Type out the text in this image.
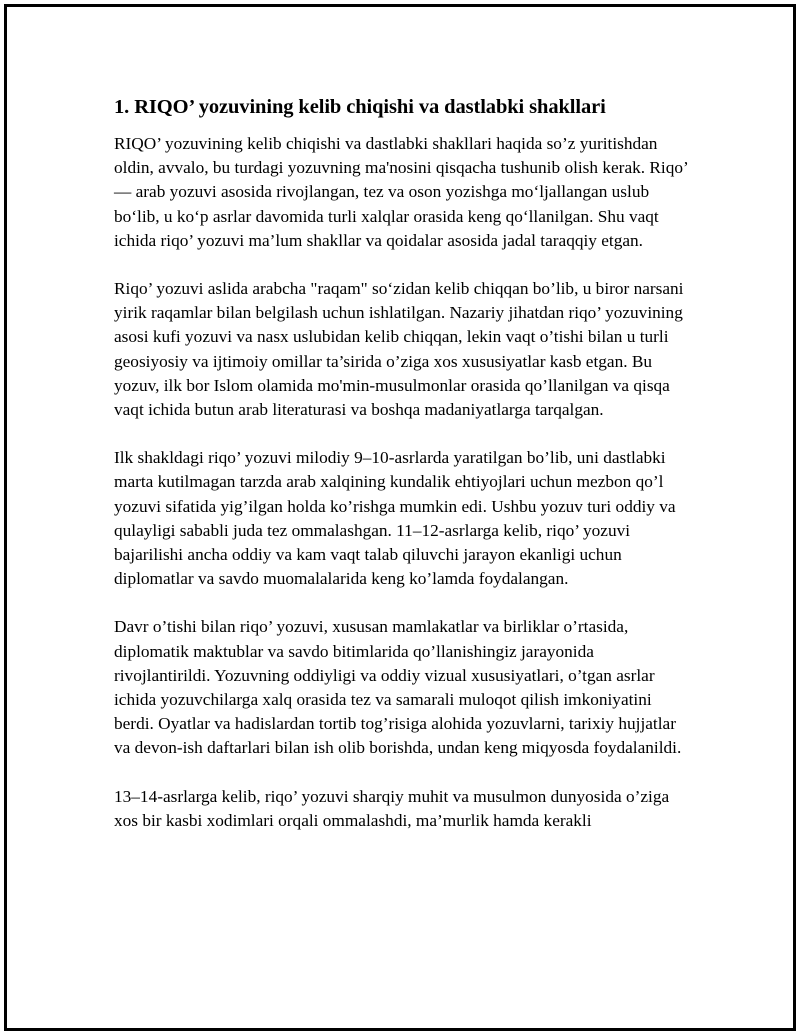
1. RIQO’ yozuvining kelib chiqishi va dastlabki shakllari

RIQO’ yozuvining kelib chiqishi va dastlabki shakllari haqida so’z yuritishdan oldin, avvalo, bu turdagi yozuvning ma'nosini qisqacha tushunib olish kerak. Riqo’ — arab yozuvi asosida rivojlangan, tez va oson yozishga mo‘ljallangan uslub bo‘lib, u ko‘p asrlar davomida turli xalqlar orasida keng qo‘llanilgan. Shu vaqt ichida riqo’ yozuvi ma’lum shakllar va qoidalar asosida jadal taraqqiy etgan.

Riqo’ yozuvi aslida arabcha "raqam" so‘zidan kelib chiqqan bo’lib, u biror narsani yirik raqamlar bilan belgilash uchun ishlatilgan. Nazariy jihatdan riqo’ yozuvining asosi kufi yozuvi va nasx uslubidan kelib chiqqan, lekin vaqt o’tishi bilan u turli geosiyosiy va ijtimoiy omillar ta’sirida o’ziga xos xususiyatlar kasb etgan. Bu yozuv, ilk bor Islom olamida mo'min-musulmonlar orasida qo’llanilgan va qisqa vaqt ichida butun arab literaturasi va boshqa madaniyatlarga tarqalgan.

Ilk shakldagi riqo’ yozuvi milodiy 9–10-asrlarda yaratilgan bo’lib, uni dastlabki marta kutilmagan tarzda arab xalqining kundalik ehtiyojlari uchun mezbon qo’l yozuvi sifatida yig’ilgan holda ko’rishga mumkin edi. Ushbu yozuv turi oddiy va qulayligi sababli juda tez ommalashgan. 11–12-asrlarga kelib, riqo’ yozuvi bajarilishi ancha oddiy va kam vaqt talab qiluvchi jarayon ekanligi uchun diplomatlar va savdo muomalalarida keng ko’lamda foydalangan.

Davr o’tishi bilan riqo’ yozuvi, xususan mamlakatlar va birliklar o’rtasida, diplomatik maktublar va savdo bitimlarida qo’llanishingiz jarayonida rivojlantirildi. Yozuvning oddiyligi va oddiy vizual xususiyatlari, o’tgan asrlar ichida yozuvchilarga xalq orasida tez va samarali muloqot qilish imkoniyatini berdi. Oyatlar va hadislardan tortib tog’risiga alohida yozuvlarni, tarixiy hujjatlar va devon-ish daftarlari bilan ish olib borishda, undan keng miqyosda foydalanildi.

13–14-asrlarga kelib, riqo’ yozuvi sharqiy muhit va musulmon dunyosida o’ziga xos bir kasbi xodimlari orqali ommalashdi, ma’murlik hamda kerakli
